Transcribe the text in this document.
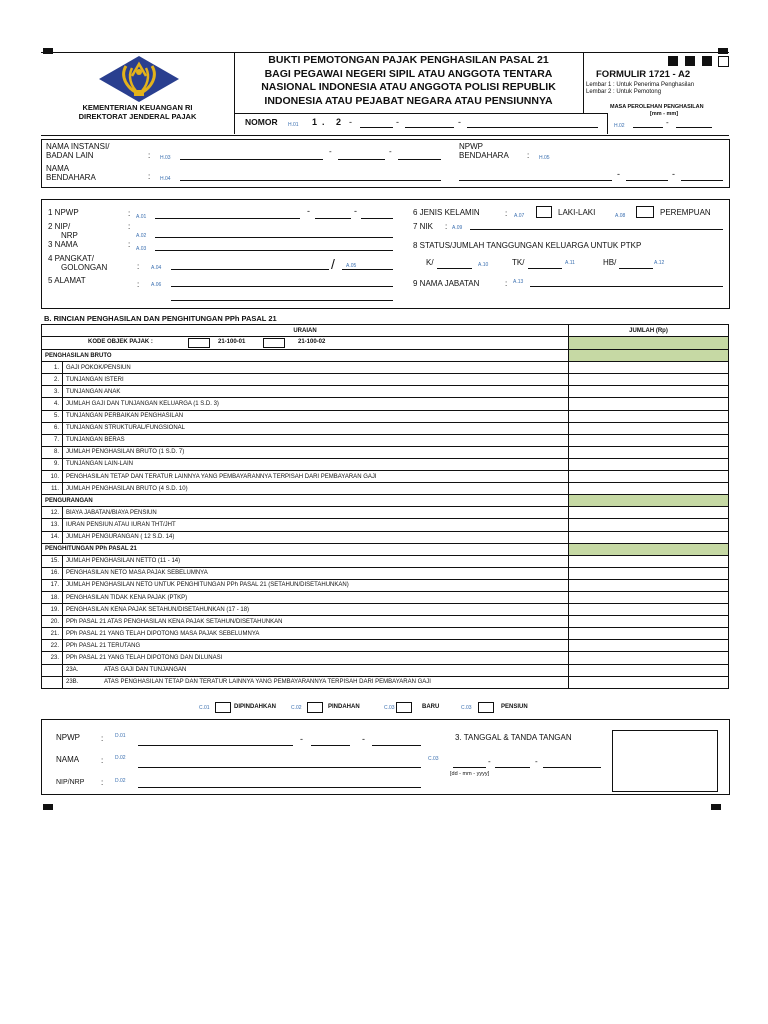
KEMENTERIAN KEUANGAN RI
DIREKTORAT JENDERAL PAJAK
BUKTI PEMOTONGAN PAJAK PENGHASILAN PASAL 21
BAGI PEGAWAI NEGERI SIPIL ATAU ANGGOTA TENTARA
NASIONAL INDONESIA ATAU ANGGOTA POLISI REPUBLIK
INDONESIA ATAU PEJABAT NEGARA ATAU PENSIUNNYA
FORMULIR 1721 - A2
Lembar 1 : Untuk Penerima Penghasilan
Lembar 2 : Untuk Pemotong
MASA PEROLEHAN PENGHASILAN
[mm - mm]
H.02	-
NOMOR H.01 1 . 2 -	-	-
NAMA INSTANSI/
BADAN LAIN	: H.03
-	-
NPWP
BENDAHARA : H.05
NAMA
BENDAHARA	: H.04	-	-
1 NPWP	: A.01
-	-
2 NIP/
NRP
:
A.02
3 NAMA	: A.03
4 PANGKAT/
GOLONGAN	: A.04	/ A.05
5 ALAMAT	: A.06
6 JENIS KELAMIN	: A.07	LAKI-LAKI	A.08	PEREMPUAN
7 NIK : A.09
8 STATUS/JUMLAH TANGGUNGAN KELUARGA UNTUK PTKP
K/	A.10	TK/	A.11	HB/	A.12
9 NAMA JABATAN	: A.13
B. RINCIAN PENGHASILAN DAN PENGHITUNGAN PPh PASAL 21
URAIAN		JUMLAH (Rp)

KODE OBJEK PAJAK : 21-100-01 21-100-02		

PENGHASILAN BRUTO		
1.	GAJI POKOK/PENSIUN	
2.	TUNJANGAN ISTERI	
3.	TUNJANGAN ANAK	
4.	JUMLAH GAJI DAN TUNJANGAN KELUARGA (1 S.D. 3)	
5.	TUNJANGAN PERBAIKAN PENGHASILAN	
6.	TUNJANGAN STRUKTURAL/FUNGSIONAL	
7.	TUNJANGAN BERAS	
8.	JUMLAH PENGHASILAN BRUTO (1 S.D. 7)	
9.	TUNJANGAN LAIN-LAIN	
10.	PENGHASILAN TETAP DAN TERATUR LAINNYA YANG PEMBAYARANNYA TERPISAH DARI PEMBAYARAN GAJI	
11.	JUMLAH PENGHASILAN BRUTO (4 S.D. 10)	
PENGURANGAN		
12.	BIAYA JABATAN/BIAYA PENSIUN	
13.	IURAN PENSIUN ATAU IURAN THT/JHT	
14.	JUMLAH PENGURANGAN ( 12 S.D. 14)	
PENGHITUNGAN PPh PASAL 21		
15.	JUMLAH PENGHASILAN NETTO (11 - 14)	
16.	PENGHASILAN NETO MASA PAJAK SEBELUMNYA	
17.	JUMLAH PENGHASILAN NETO UNTUK PENGHITUNGAN PPh PASAL 21 (SETAHUN/DISETAHUNKAN)	
18.	PENGHASILAN TIDAK KENA PAJAK (PTKP)	
19.	PENGHASILAN KENA PAJAK SETAHUN/DISETAHUNKAN (17 - 18)	
20.	PPh PASAL 21 ATAS PENGHASILAN KENA PAJAK SETAHUN/DISETAHUNKAN	
21.	PPh PASAL 21 YANG TELAH DIPOTONG MASA PAJAK SEBELUMNYA	
22.	PPh PASAL 21 TERUTANG	
23.	PPh PASAL 21 YANG TELAH DIPOTONG DAN DILUNASI	
	23A. ATAS GAJI DAN TUNJANGAN	
	23B. ATAS PENGHASILAN TETAP DAN TERATUR LAINNYA YANG PEMBAYARANNYA TERPISAH DARI PEMBAYARAN GAJI	
C.01	DIPINDAHKAN	C.02	PINDAHAN	C.03	BARU	C.03	PENSIUN
NPWP	: D.01	-	-
NAMA	: D.02
NIP/NRP : D.02
3. TANGGAL & TANDA TANGAN
C.03	-	-
[dd - mm - yyyy]
